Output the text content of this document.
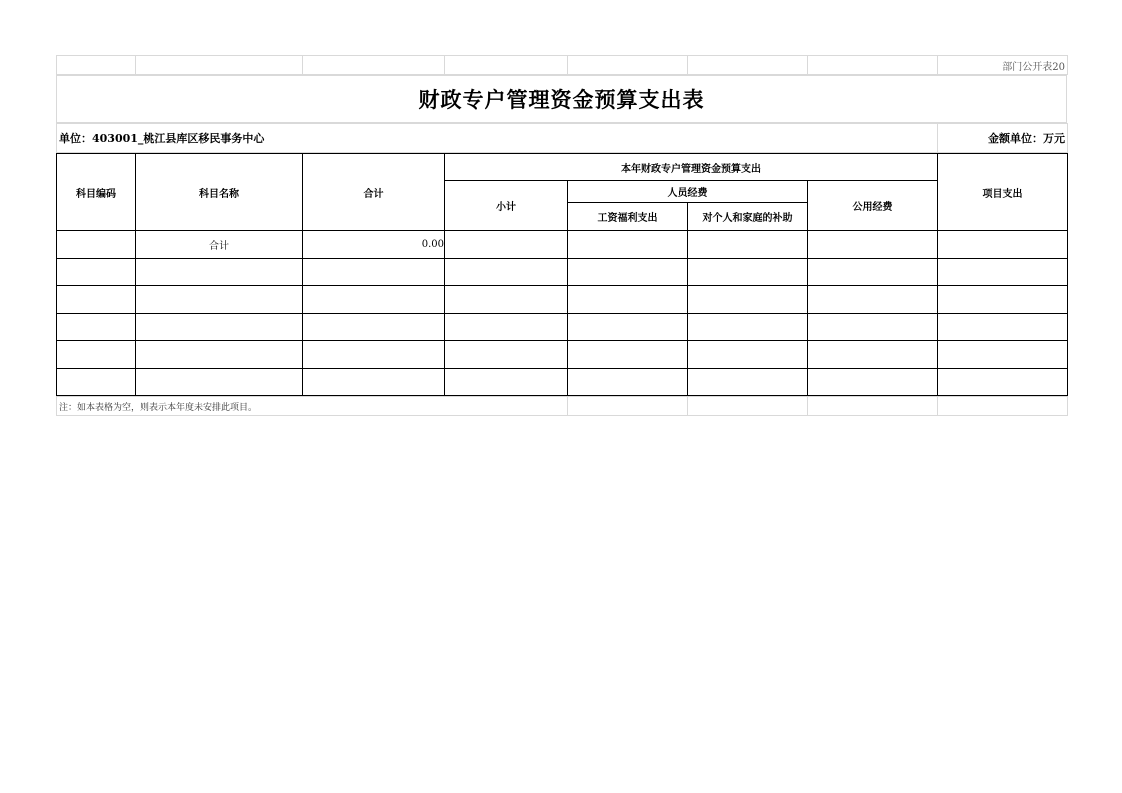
							部门公开表20
财政专户管理资金预算支出表
单位：403001_桃江县库区移民事务中心	金额单位：万元
科目编码	科目名称	合计	本年财政专户管理资金预算支出				项目支出
			小计	人员经费		公用经费	
				工资福利支出	对个人和家庭的补助		
	合计	0.00					

注：如本表格为空，则表示本年度未安排此项目。				
